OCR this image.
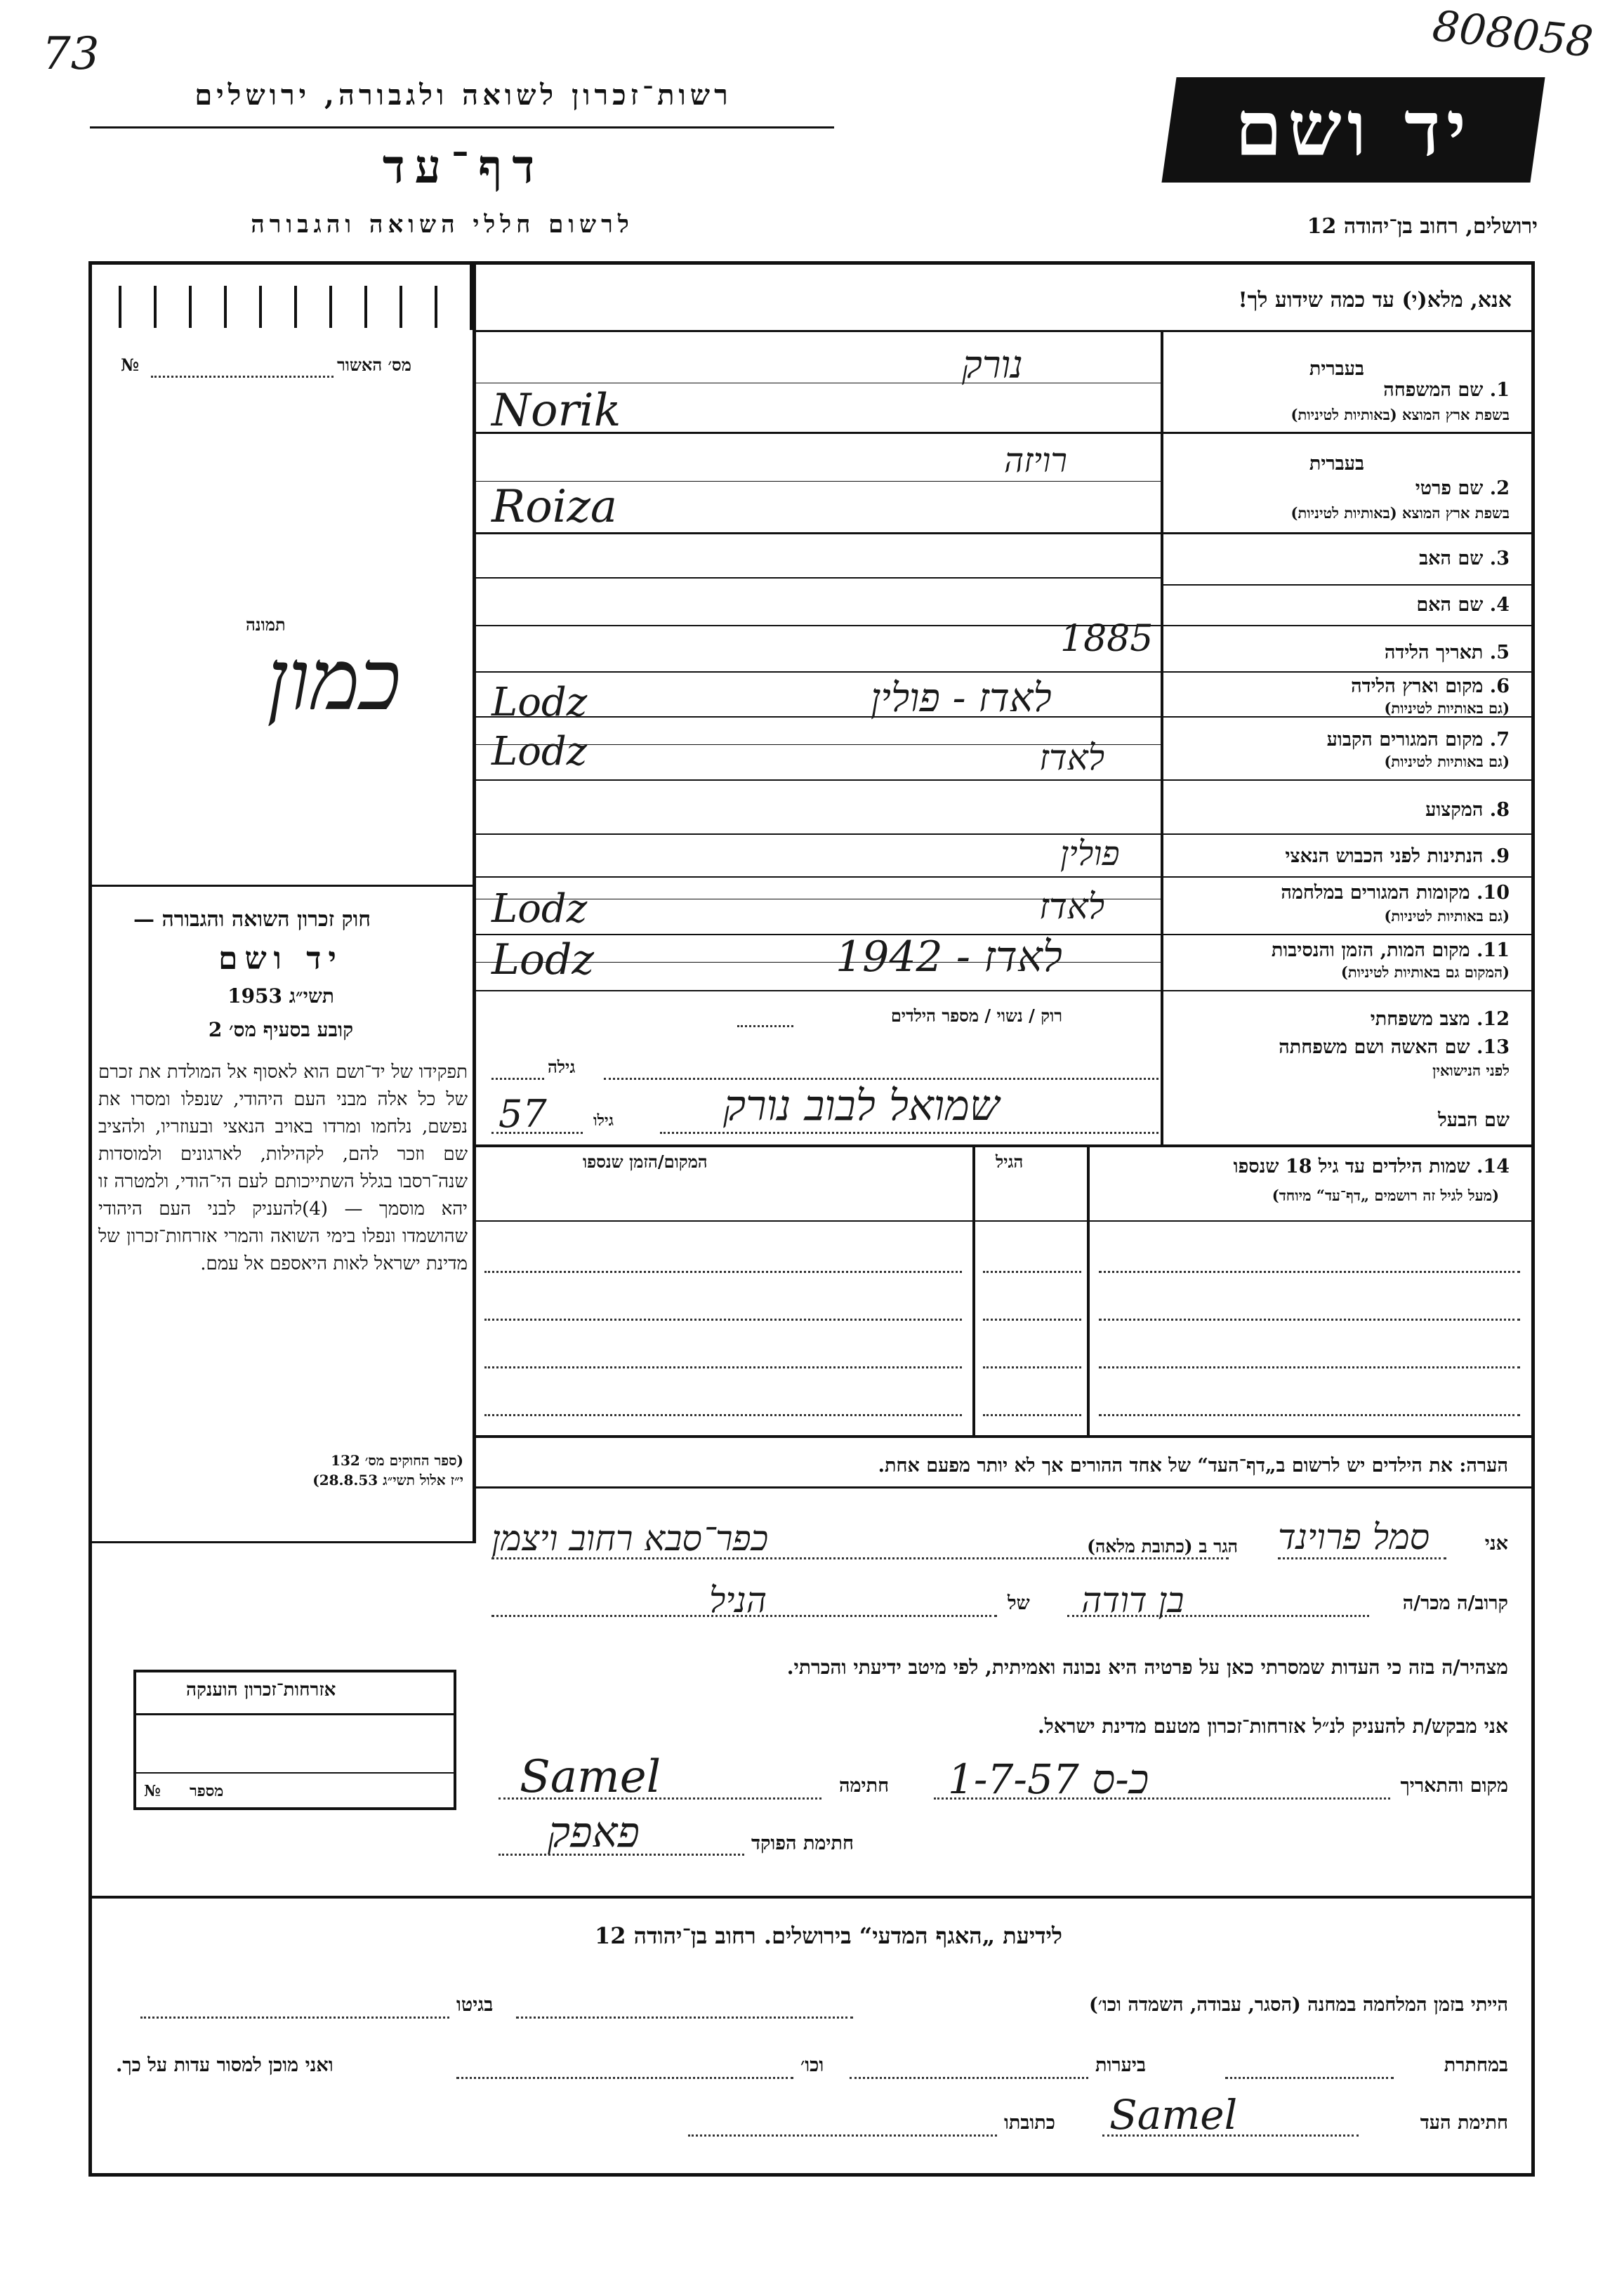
73	808058
רשות־זכרון לשואה ולגבורה, ירושלים
דף־עד
לרשום חללי השואה והגבורה
יד ושם
ירושלים, רחוב בן־יהודה 12
אנא, מלא(י) עד כמה שידוע לך!
מס׳ האשור
№
תמונה
כמון
חוק זכרון השואה והגבורה —
יד ושם
תשי״ג 1953
קובע בסעיף מס׳ 2
תפקידו של יד־ושם הוא לאסוף אל המולדת את זכרם של כל אלה מבני העם היהודי, שנפלו ומסרו את נפשם, נלחמו ומרדו באויב הנאצי ובעוזריו, ולהציב שם וזכר להם, לקהילות, לארגונים ולמוסדות שנה־רסבו בגלל השתייכותם לעם הי־הודי, ולמטרה זו יהא מוסמך — (4)להעניק לבני העם היהודי שהושמדו ונפלו בימי השואה והמרי אזרחות־זכרון של מדינת ישראל לאות היאספם אל עמם.
(ספר החוקים מס׳ 132
י״ז אלול תשי״ג 28.8.53)
בעברית
1. שם המשפחה
בשפת ארץ המוצא (באותיות לטיניות)
נורק
Norik
בעברית
2. שם פרטי
בשפת ארץ המוצא (באותיות לטיניות)
רויזה
Roiza
3. שם האב
4. שם האם
5. תאריך הלידה
1885
6. מקום וארץ הלידה
(גם באותיות לטיניות)
לאדז - פולין
Lodz
7. מקום המגורים הקבוע
(גם באותיות לטיניות)
לאדז
Lodz
8. המקצוע
9. הנתינות לפני הכבוש הנאצי
פולין
10. מקומות המגורים במלחמה
(גם באותיות לטיניות)
לאדז
Lodz
11. מקום המות, הזמן והנסיבות
(המקום גם באותיות לטיניות)
לאדז - 1942
Lodz
12. מצב משפחתי
רוק / נשוי / מספר הילדים
13. שם האשה ושם משפחתה
לפני הנישואין
גילה
שם הבעל
גילו
57	שמואל לבוב נורק
14. שמות הילדים עד גיל 18 שנספו
(מעל לגיל זה רושמים „דף־עד“ מיוחד)
הגיל
המקום/הזמן שנספו
הערה: את הילדים יש לרשום ב„דף־העד“ של אחד ההורים אך לא יותר מפעם אחת.
אני
סמל פרוינד
הגר ב (כתובת מלאה)
כפר־סבא רחוב ויצמן
קרוב/ה מכר/ה
בן דודה
של
הניל
מצהיר/ה בזה כי העדות שמסרתי כאן על פרטיה היא נכונה ואמיתית, לפי מיטב ידיעתי והכרתי.
אני מבקש/ת להעניק לנ״ל אזרחות־זכרון מטעם מדינת ישראל.
מקום והתאריך
כ-ס 1-7-57
חתימה
Samel
חתימת הפוקד
פאפק
אזרחות־זכרון הוענקה
מספר
№
לידיעת „האגף המדעי“ בירושלים. רחוב בן־יהודה 12
הייתי בזמן המלחמה במחנה (הסגר, עבודה, השמדה וכו׳)
בגיטו
במחתרת
ביערות
וכו׳
ואני מוכן למסור עדות על כך.
חתימת העד
Samel
כתובתו
